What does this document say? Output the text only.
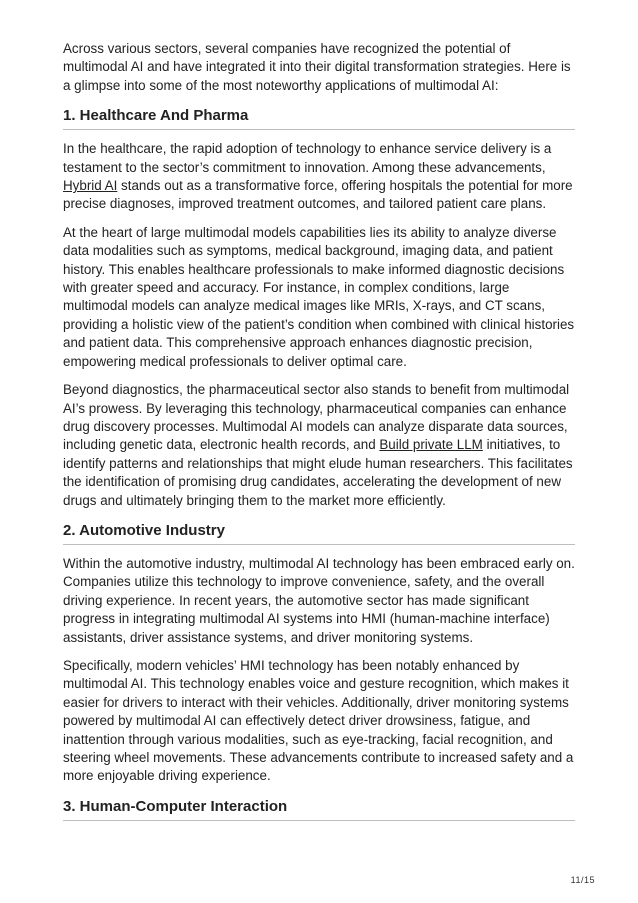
Across various sectors, several companies have recognized the potential of multimodal AI and have integrated it into their digital transformation strategies. Here is a glimpse into some of the most noteworthy applications of multimodal AI:

1. Healthcare And Pharma

In the healthcare, the rapid adoption of technology to enhance service delivery is a testament to the sector’s commitment to innovation. Among these advancements, Hybrid AI stands out as a transformative force, offering hospitals the potential for more precise diagnoses, improved treatment outcomes, and tailored patient care plans.

At the heart of large multimodal models capabilities lies its ability to analyze diverse data modalities such as symptoms, medical background, imaging data, and patient history. This enables healthcare professionals to make informed diagnostic decisions with greater speed and accuracy. For instance, in complex conditions, large multimodal models can analyze medical images like MRIs, X-rays, and CT scans, providing a holistic view of the patient’s condition when combined with clinical histories and patient data. This comprehensive approach enhances diagnostic precision, empowering medical professionals to deliver optimal care.

Beyond diagnostics, the pharmaceutical sector also stands to benefit from multimodal AI’s prowess. By leveraging this technology, pharmaceutical companies can enhance drug discovery processes. Multimodal AI models can analyze disparate data sources, including genetic data, electronic health records, and Build private LLM initiatives, to identify patterns and relationships that might elude human researchers. This facilitates the identification of promising drug candidates, accelerating the development of new drugs and ultimately bringing them to the market more efficiently.

2. Automotive Industry

Within the automotive industry, multimodal AI technology has been embraced early on. Companies utilize this technology to improve convenience, safety, and the overall driving experience. In recent years, the automotive sector has made significant progress in integrating multimodal AI systems into HMI (human-machine interface) assistants, driver assistance systems, and driver monitoring systems.

Specifically, modern vehicles’ HMI technology has been notably enhanced by multimodal AI. This technology enables voice and gesture recognition, which makes it easier for drivers to interact with their vehicles. Additionally, driver monitoring systems powered by multimodal AI can effectively detect driver drowsiness, fatigue, and inattention through various modalities, such as eye-tracking, facial recognition, and steering wheel movements. These advancements contribute to increased safety and a more enjoyable driving experience.

3. Human-Computer Interaction
11/15
